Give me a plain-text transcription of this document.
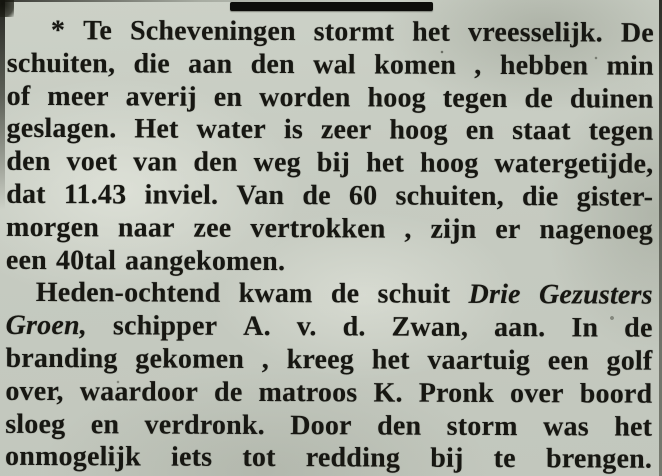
* Te Scheveningen stormt het vreesselijk. De
schuiten, die aan den wal komen , hebben min
of meer averij en worden hoog tegen de duinen
geslagen. Het water is zeer hoog en staat tegen
den voet van den weg bij het hoog watergetijde,
dat 11.43 inviel. Van de 60 schuiten, die gister-
morgen naar zee vertrokken , zijn er nagenoeg
een 40tal aangekomen.
Heden-ochtend kwam de schuit Drie Gezusters
Groen, schipper A. v. d. Zwan, aan. In de
branding gekomen , kreeg het vaartuig een golf
over, waardoor de matroos K. Pronk over boord
sloeg en verdronk. Door den storm was het
onmogelijk iets tot redding bij te brengen.
